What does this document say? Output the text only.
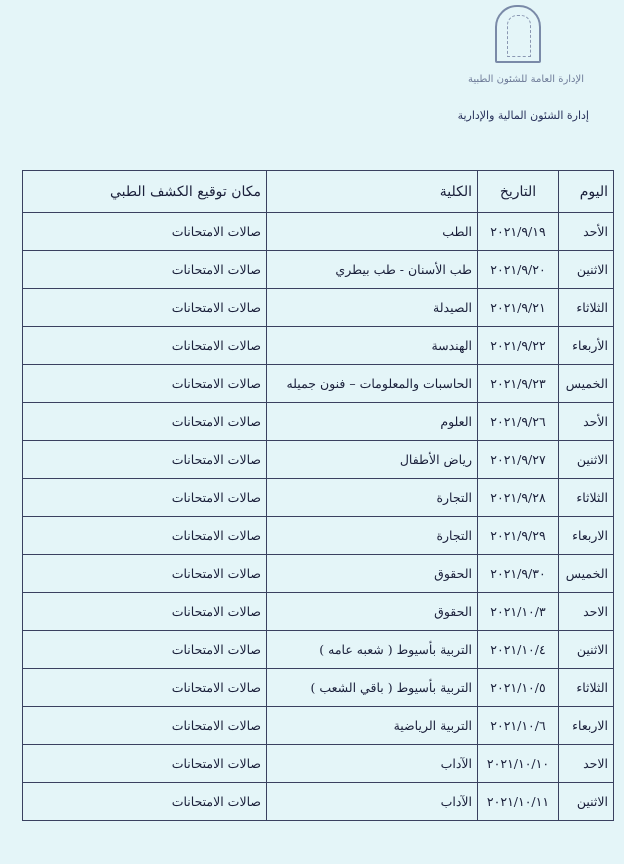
الإدارة العامة للشئون الطبية
إدارة الشئون المالية والإدارية
اليوم	التاريخ	الكلية	مكان توقيع الكشف الطبي
الأحد	٢٠٢١/٩/١٩	الطب	صالات الامتحانات
الاثنين	٢٠٢١/٩/٢٠	طب الأسنان - طب بيطري	صالات الامتحانات
الثلاثاء	٢٠٢١/٩/٢١	الصيدلة	صالات الامتحانات
الأربعاء	٢٠٢١/٩/٢٢	الهندسة	صالات الامتحانات
الخميس	٢٠٢١/٩/٢٣	الحاسبات والمعلومات – فنون جميله	صالات الامتحانات
الأحد	٢٠٢١/٩/٢٦	العلوم	صالات الامتحانات
الاثنين	٢٠٢١/٩/٢٧	رياض الأطفال	صالات الامتحانات
الثلاثاء	٢٠٢١/٩/٢٨	التجارة	صالات الامتحانات
الاربعاء	٢٠٢١/٩/٢٩	التجارة	صالات الامتحانات
الخميس	٢٠٢١/٩/٣٠	الحقوق	صالات الامتحانات
الاحد	٢٠٢١/١٠/٣	الحقوق	صالات الامتحانات
الاثنين	٢٠٢١/١٠/٤	التربية بأسيوط ( شعبه عامه )	صالات الامتحانات
الثلاثاء	٢٠٢١/١٠/٥	التربية بأسيوط ( باقي الشعب )	صالات الامتحانات
الاربعاء	٢٠٢١/١٠/٦	التربية الرياضية	صالات الامتحانات
الاحد	٢٠٢١/١٠/١٠	الآداب	صالات الامتحانات
الاثنين	٢٠٢١/١٠/١١	الآداب	صالات الامتحانات
